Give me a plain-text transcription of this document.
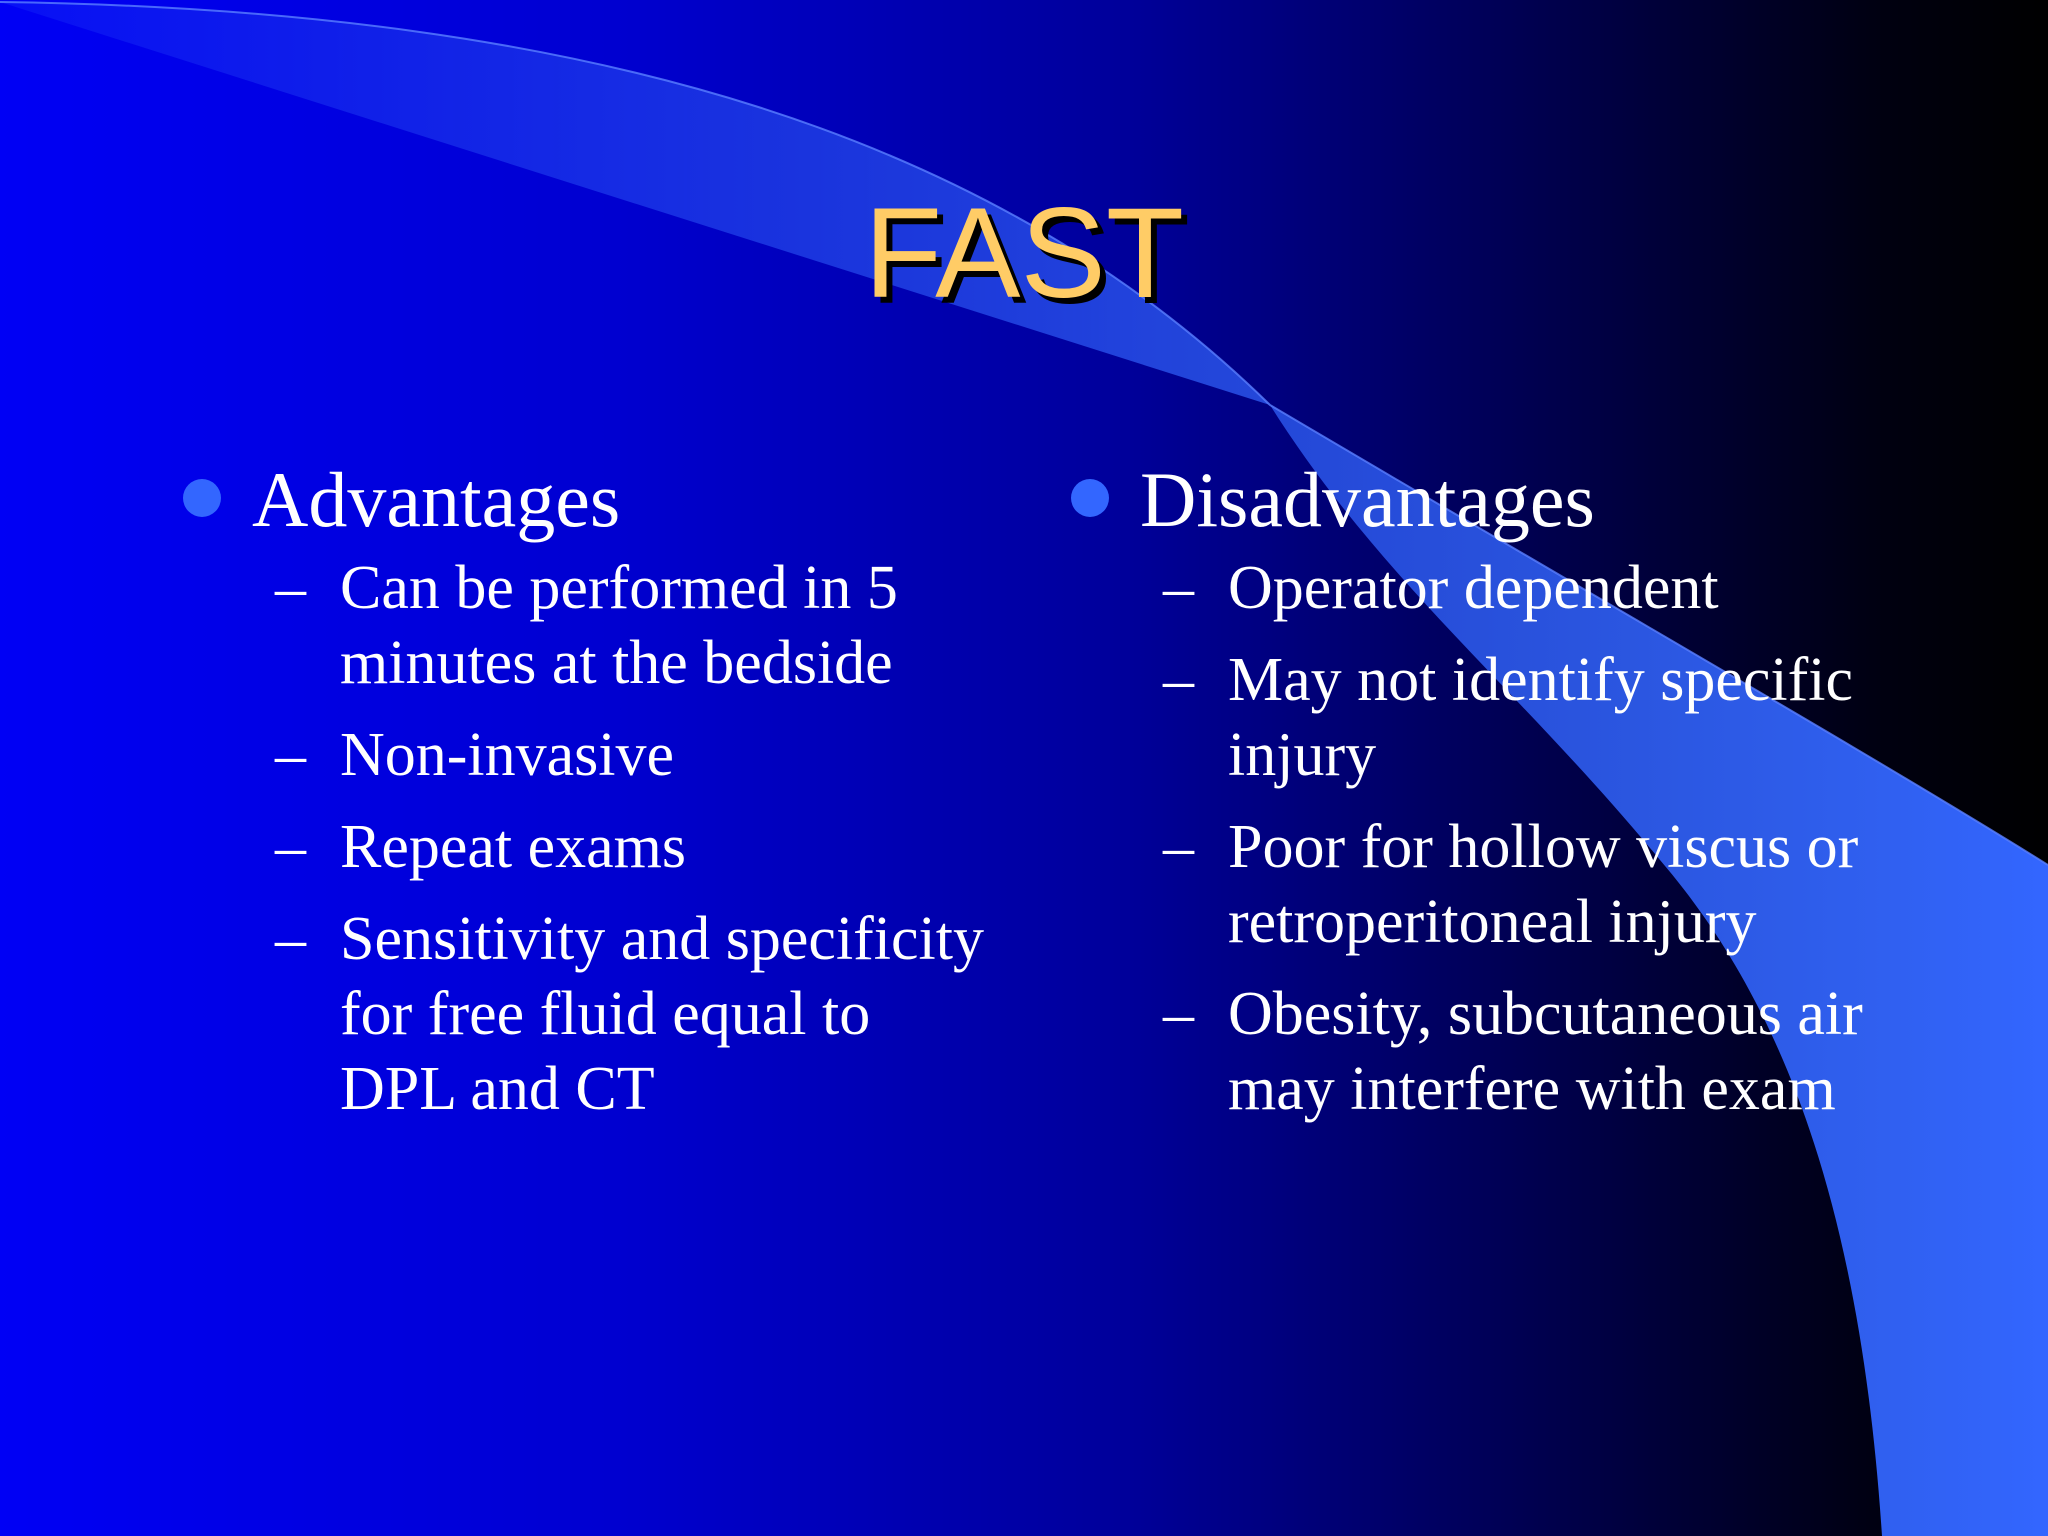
FAST
Advantages
– Can be performed in 5 minutes at the bedside
– Non-invasive
– Repeat exams
– Sensitivity and specificity for free fluid equal to DPL and CT
Disadvantages
– Operator dependent
– May not identify specific injury
– Poor for hollow viscus or retroperitoneal injury
– Obesity, subcutaneous air may interfere with exam
